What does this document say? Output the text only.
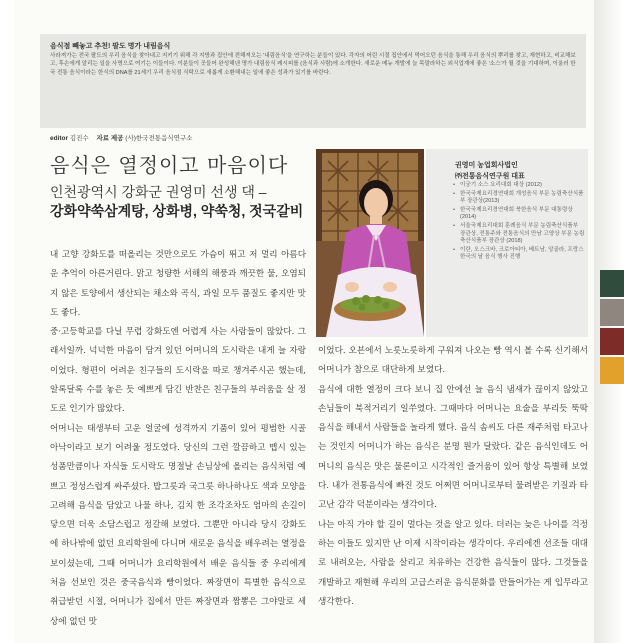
음식점 빼놓고 추천! 팔도 명가 내림음식
사라져가는 전국 팔도의 우리 음식을 찾아내고 지키기 위해 각 지방과 집안에 전해져오는 '내림음식'을 연구하는 분들이 있다. 각자의 어린 시절 집안에서 먹어오던 음식을 통해 우리 음식의 뿌리를 찾고, 재현하고, 비교해보고, 후손에게 알리는 일을 사명으로 여기는 이들이다. 이분들이 곳들어 완성해낸 명가 내림음식 레시피를 (음식과 사람)에 소개한다. 새로운 메뉴 개발에 늘 목말라하는 외식업계에 좋은 '소스'가 될 것을 기대하며, 이울러 한국 전통 음식이라는 한식의 DNA를 21세기 우리 음식점 식탁으로 새롭게 소환해내는 일에 좋은 성과가 있기를 바란다.
editor 김진수 자료 제공 (사)한국전통음식연구소
음식은 열정이고 마음이다
인천광역시 강화군 권영미 선생 댁 –
강화약쑥삼계탕, 상화병, 약쑥청, 젓국갈비
권영미 농업회사법인
㈜전통음식연구원 대표
• 이궁기 소스 요리대회 대상 (2012)
• 한국국제요리경연대회 개성음식 부문 농림축산식품부 장관상(2013)
• 한국국제요리경연대회 북한음식 부문 대통령상(2014)
• 서울국제요리대회 훈례음식 부문 농림축산식품부 장관상, 전통주와 전통음식의 만남 고양상 부문 농림축산식품부 장관상 (2018)
• 이란, 오스크바, 크로아티아, 베트남, 앙골라, 프랑스 한국의 날 음식 행사 진행

내 고향 강화도를 떠올리는 것만으로도 가슴이 뛰고 저 멀리 아름다운 추억이 아른거린다. 맑고 청량한 서해의 해풍과 깨끗한 물, 오염되지 않은 토양에서 생산되는 채소와 곡식, 과일 모두 품질도 좋지만 맛도 좋다.

중·고등학교를 다닐 무렵 강화도엔 어렵게 사는 사람들이 많았다. 그래서일까. 넉넉한 마음이 담겨 있던 어머니의 도시락은 내게 늘 자랑이었다. 형편이 어려운 친구들의 도시락을 따로 챙겨주시곤 했는데, 알록달록 수를 놓은 듯 예쁘게 담긴 반찬은 친구들의 부러움을 살 정도로 인기가 많았다.

어머니는 태생부터 고운 얼굴에 성격까지 기품이 있어 평범한 시골 아낙이라고 보기 어려울 정도였다. 당신의 그런 깔끔하고 맵시 있는 성품만큼이나 자식들 도시락도 명절날 손님상에 올리는 음식처럼 예쁘고 정성스럽게 싸주셨다. 밥그릇과 국그릇 하나하나도 색과 모양을 고려해 음식을 담았고 나물 하나, 김치 한 조각조차도 엄마의 손길이 닿으면 더욱 소담스럽고 정갈해 보였다. 그뿐만 아니라 당시 강화도에 하나밖에 없던 요리학원에 다니며 새로운 음식을 배우려는 열정을 보이셨는데, 그때 어머니가 요리학원에서 배운 음식들 중 우리에게 처음 선보인 것은 중국음식과 빵이었다. 짜장면이 특별한 음식으로 취급받던 시절, 어머니가 집에서 만든 짜장면과 짬뽕은 그야말로 세상에 없던 맛

이었다. 오븐에서 노릇노릇하게 구워져 나오는 빵 역시 볼 수록 신기해서 어머니가 참으로 대단하게 보였다.

음식에 대한 열정이 크다 보니 집 안에선 늘 음식 냄새가 끊이지 않았고 손님들이 북적거리기 일쑤였다. 그때마다 어머니는 요술을 부리듯 뚝딱 음식을 해내서 사람들을 놀라게 했다. 음식 솜씨도 다른 재주처럼 타고나는 것인지 어머니가 하는 음식은 분명 뭔가 달랐다. 같은 음식인데도 어머니의 음식은 맛은 물론이고 시각적인 즐거움이 있어 항상 특별해 보였다. 내가 전통음식에 빠진 것도 어쩌면 어머니로부터 물려받은 기질과 타고난 감각 덕분이라는 생각이다.

나는 아직 가야 할 길이 멀다는 것을 알고 있다. 더러는 늦은 나이를 걱정하는 이들도 있지만 난 이제 시작이라는 생각이다. 우리에겐 선조들 대대로 내려오는, 사람을 살리고 치유하는 건강한 음식들이 많다. 그것들을 개발하고 재현해 우리의 고급스러운 음식문화를 만들어가는 게 입무라고 생각한다.
